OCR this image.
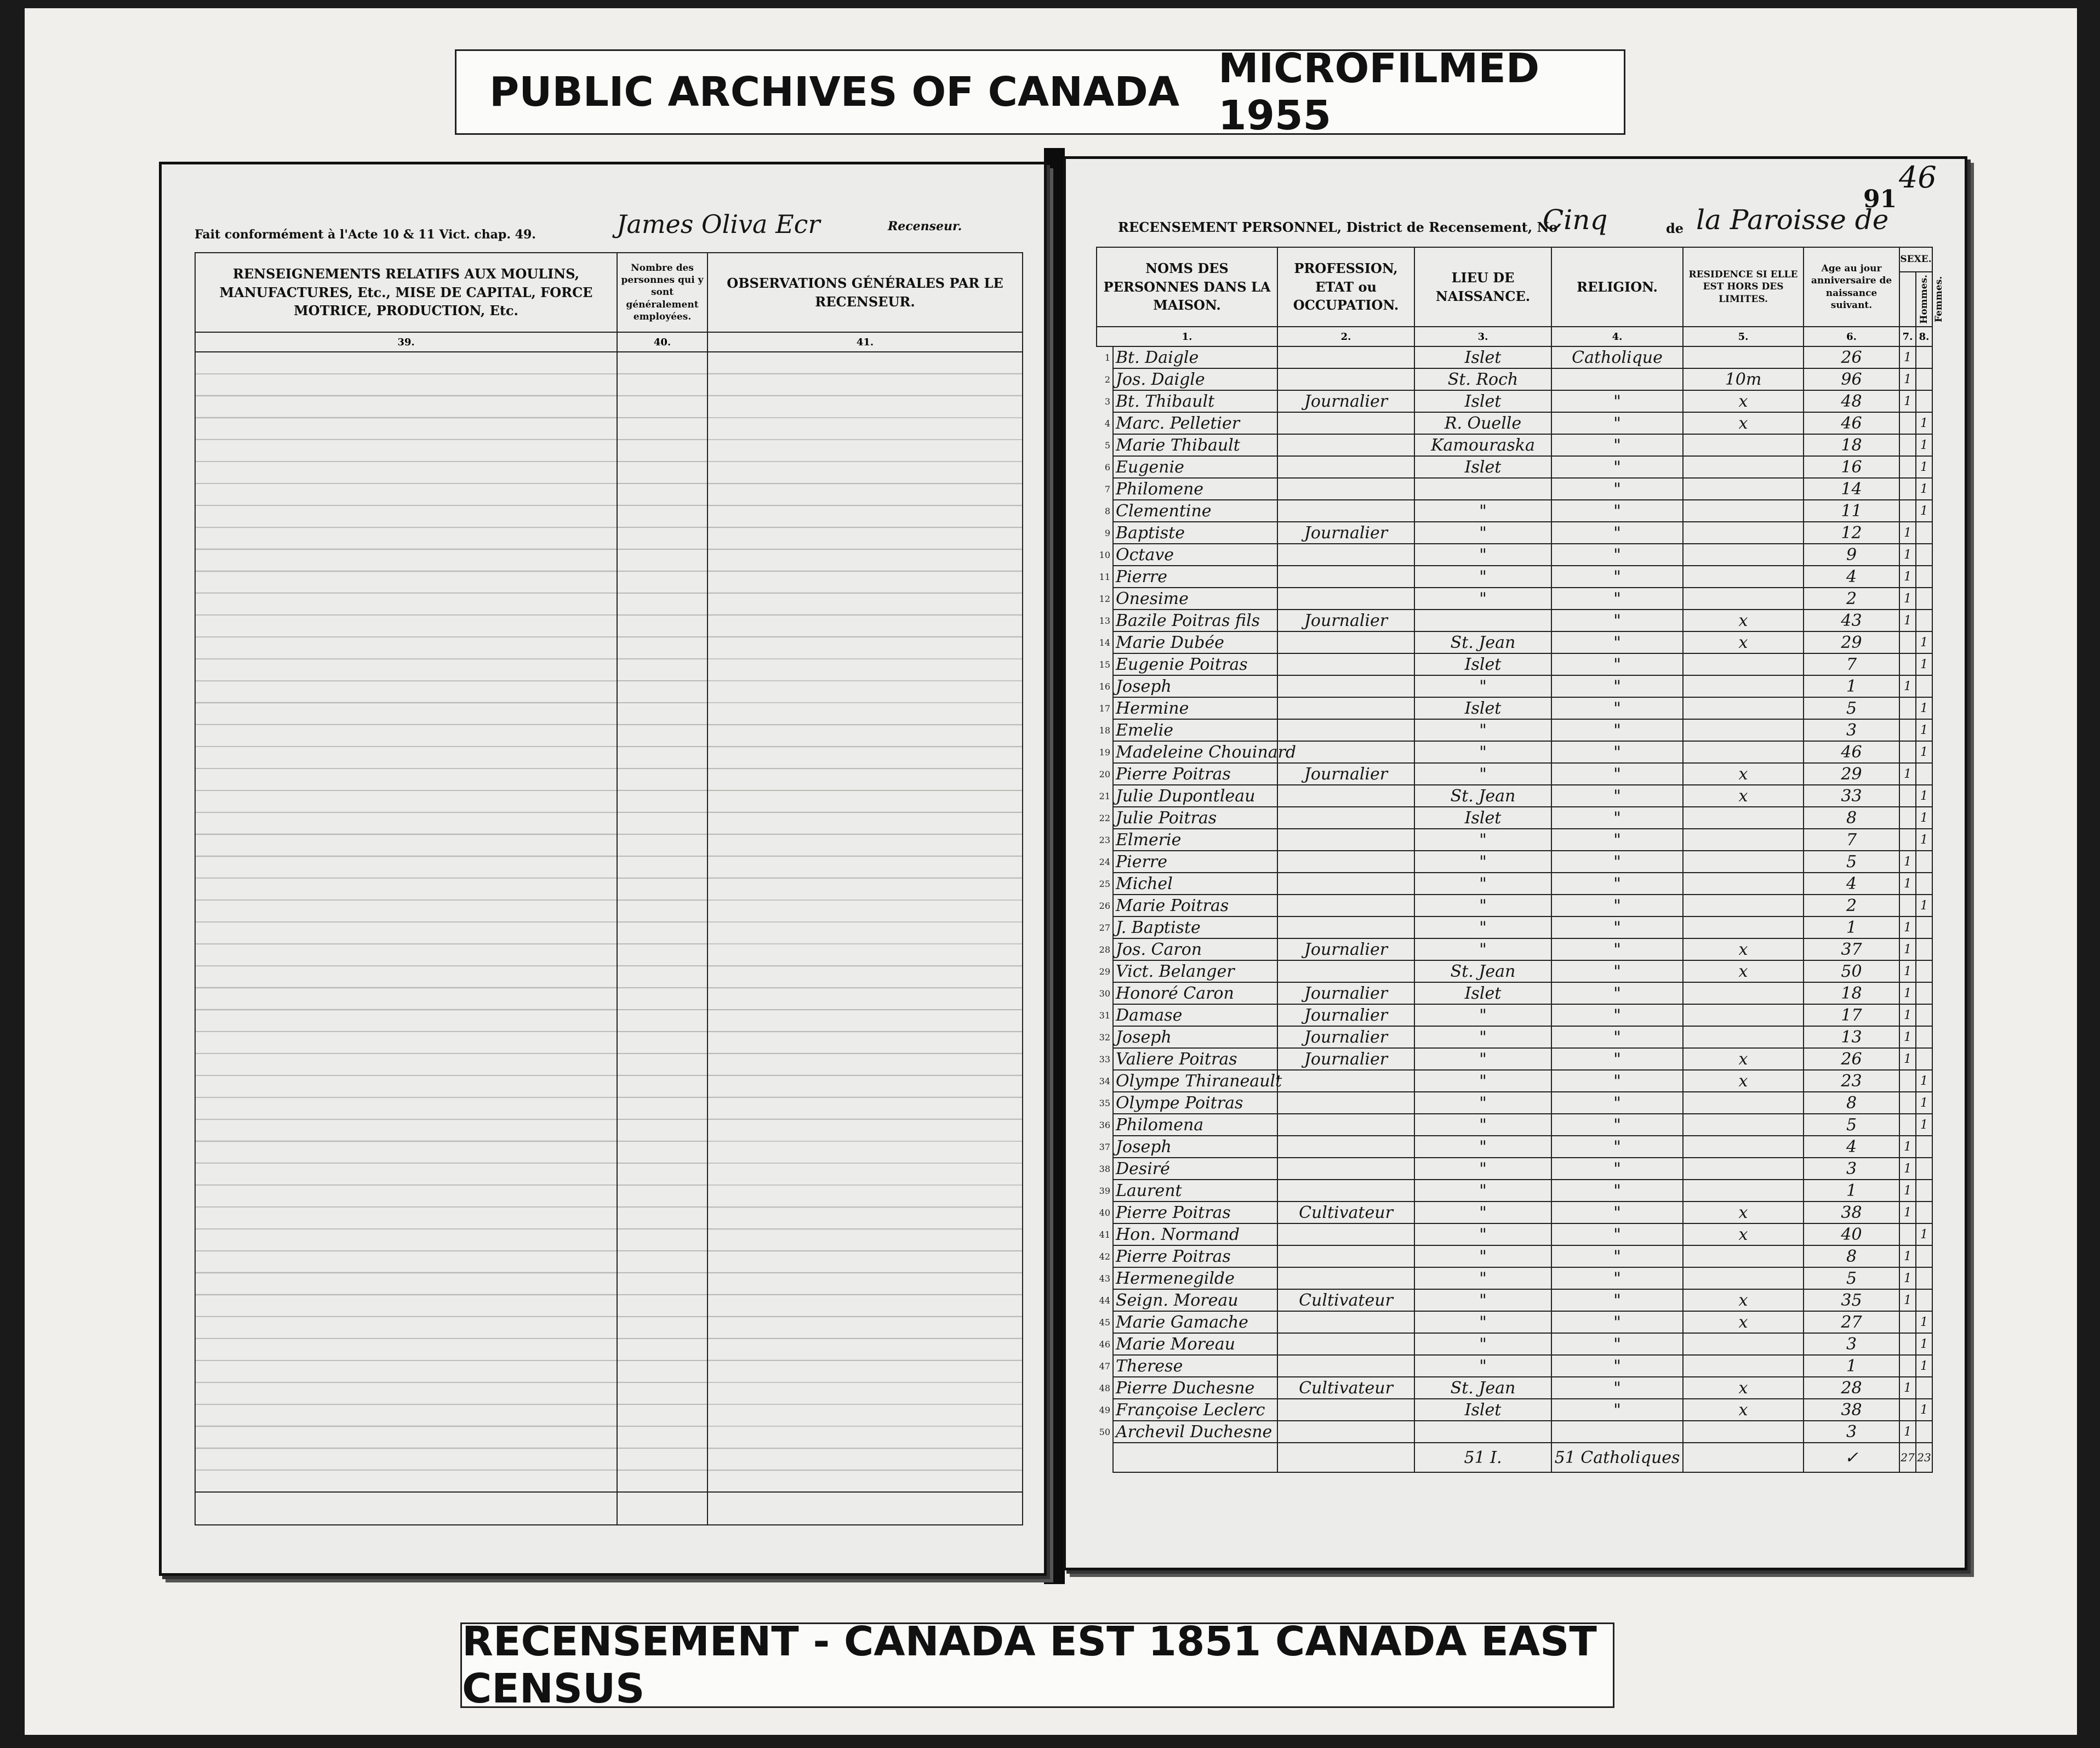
PUBLIC ARCHIVES OF CANADA MICROFILMED 1955
Fait conformément à l'Acte 10 & 11 Vict. chap. 49.	James Oliva Ecr	Recenseur.
RENSEIGNEMENTS RELATIFS AUX MOULINS, MANUFACTURES, Etc., MISE DE CAPITAL, FORCE MOTRICE, PRODUCTION, Etc.	Nombre des personnes qui y sont généralement employées.	OBSERVATIONS GÉNÉRALES PAR LE RECENSEUR.
39.	40.	41.

46
91
RECENSEMENT PERSONNEL, District de Recensement, No
Cinq	de la Paroisse de
NOMS DES PERSONNES DANS LA MAISON.		PROFESSION, ETAT ou OCCUPATION.	LIEU DE NAISSANCE.	RELIGION.	RESIDENCE SI ELLE EST HORS DES LIMITES.	Age au jour anniversaire de naissance suivant.	SEXE.	
							Hommes.	Femmes.
1.		2.	3.	4.	5.	6.	7.	8.
1	Bt. Daigle		Islet	Catholique		26	1	
2	Jos. Daigle		St. Roch		10m	96	1	
3	Bt. Thibault	Journalier	Islet	"	x	48	1	
4	Marc. Pelletier		R. Ouelle	"	x	46		1
5	Marie Thibault		Kamouraska	"		18		1
6	Eugenie		Islet	"		16		1
7	Philomene			"		14		1
8	Clementine		"	"		11		1
9	Baptiste	Journalier	"	"		12	1	
10	Octave		"	"		9	1	
11	Pierre		"	"		4	1	
12	Onesime		"	"		2	1	
13	Bazile Poitras fils	Journalier		"	x	43	1	
14	Marie Dubée		St. Jean	"	x	29		1
15	Eugenie Poitras		Islet	"		7		1
16	Joseph		"	"		1	1	
17	Hermine		Islet	"		5		1
18	Emelie		"	"		3		1
19	Madeleine Chouinard		"	"		46		1
20	Pierre Poitras	Journalier	"	"	x	29	1	
21	Julie Dupontleau		St. Jean	"	x	33		1
22	Julie Poitras		Islet	"		8		1
23	Elmerie		"	"		7		1
24	Pierre		"	"		5	1	
25	Michel		"	"		4	1	
26	Marie Poitras		"	"		2		1
27	J. Baptiste		"	"		1	1	
28	Jos. Caron	Journalier	"	"	x	37	1	
29	Vict. Belanger		St. Jean	"	x	50	1	
30	Honoré Caron	Journalier	Islet	"		18	1	
31	Damase	Journalier	"	"		17	1	
32	Joseph	Journalier	"	"		13	1	
33	Valiere Poitras	Journalier	"	"	x	26	1	
34	Olympe Thiraneault		"	"	x	23		1
35	Olympe Poitras		"	"		8		1
36	Philomena		"	"		5		1
37	Joseph		"	"		4	1	
38	Desiré		"	"		3	1	
39	Laurent		"	"		1	1	
40	Pierre Poitras	Cultivateur	"	"	x	38	1	
41	Hon. Normand		"	"	x	40		1
42	Pierre Poitras		"	"		8	1	
43	Hermenegilde		"	"		5	1	
44	Seign. Moreau	Cultivateur	"	"	x	35	1	
45	Marie Gamache		"	"	x	27		1
46	Marie Moreau		"	"		3		1
47	Therese		"	"		1		1
48	Pierre Duchesne	Cultivateur	St. Jean	"	x	28	1	
49	Françoise Leclerc		Islet	"	x	38		1
50	Archevil Duchesne					3	1	
			51 I.	51 Catholiques		✓	27	23
RECENSEMENT - CANADA EST 1851 CANADA EAST CENSUS
